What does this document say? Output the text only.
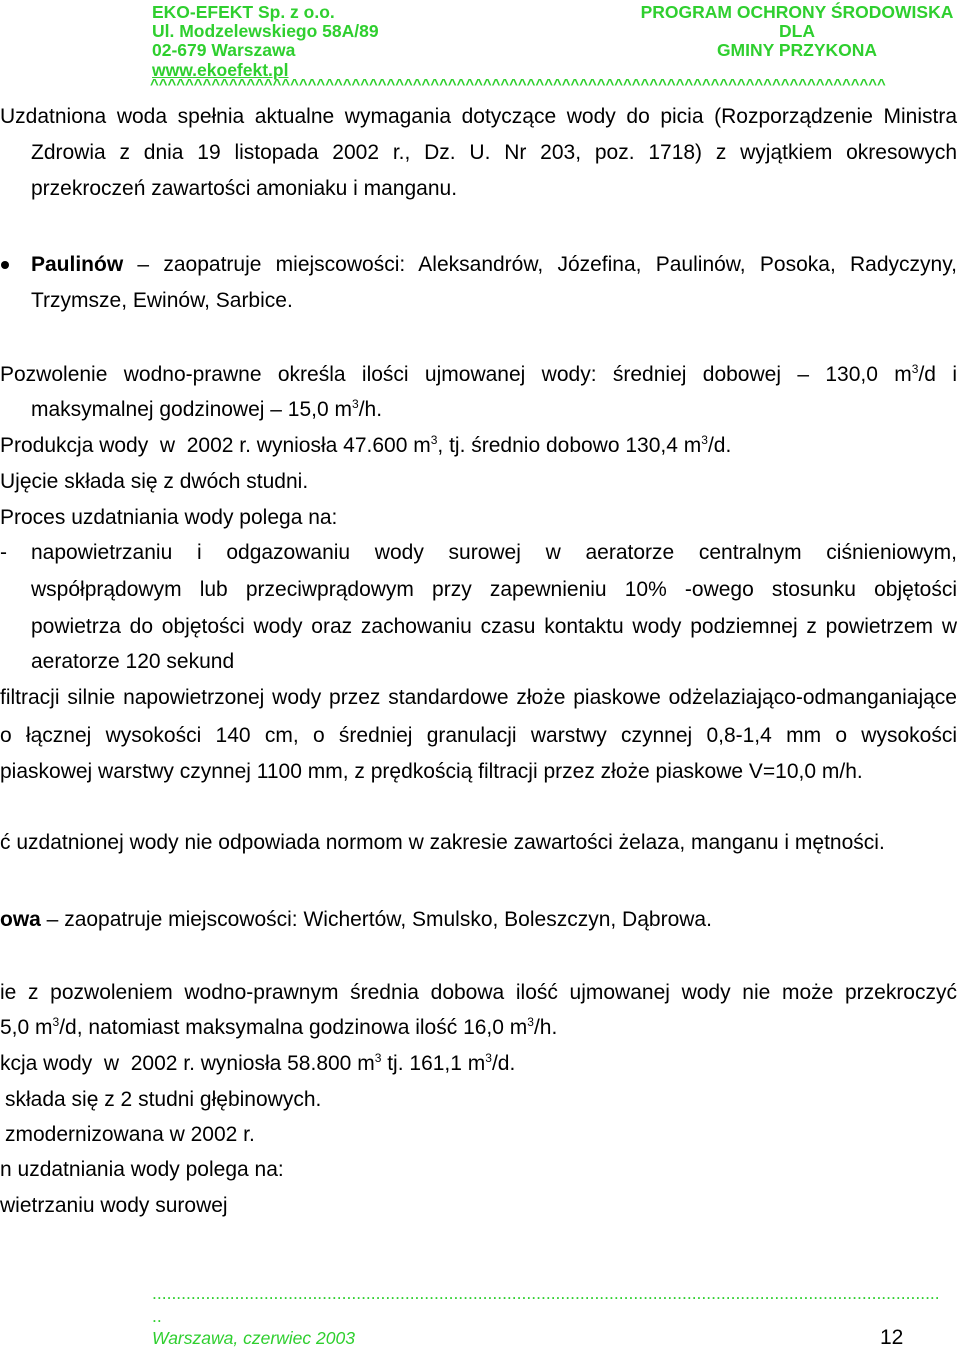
EKO-EFEKT Sp. z o.o.
Ul. Modzelewskiego 58A/89
02-679 Warszawa
www.ekoefekt.pl
PROGRAM OCHRONY ŚRODOWISKA
DLA
GMINY PRZYKONA
^^^^^^^^^^^^^^^^^^^^^^^^^^^^^^^^^^^^^^^^^^^^^^^^^^^^^^^^^^^^^^^^^^^^^^^^^^^^^^^^^^^^
Uzdatniona woda spełnia aktualne wymagania dotyczące wody do picia (Rozporządzenie Ministra
Zdrowia z dnia 19 listopada 2002 r., Dz. U. Nr 203, poz. 1718) z wyjątkiem okresowych
przekroczeń zawartości amoniaku i manganu.
Paulinów – zaopatruje miejscowości: Aleksandrów, Józefina, Paulinów, Posoka, Radyczyny,
Trzymsze, Ewinów, Sarbice.
Pozwolenie wodno-prawne określa ilości ujmowanej wody: średniej dobowej – 130,0 $m^3/d$ i
maksymalnej godzinowej – 15,0 $m^3/h$.
Produkcja wody  w  2002 r. wyniosła 47.600 $m^3$, tj. średnio dobowo 130,4 $m^3/d$.
Ujęcie składa się z dwóch studni.
Proces uzdatniania wody polega na:
- napowietrzaniu i odgazowaniu wody surowej w aeratorze centralnym ciśnieniowym,
współprądowym lub przeciwprądowym przy zapewnieniu 10% -owego stosunku objętości
powietrza do objętości wody oraz zachowaniu czasu kontaktu wody podziemnej z powietrzem w
aeratorze 120 sekund
filtracji silnie napowietrzonej wody przez standardowe złoże piaskowe odżelaziająco-odmanganiające
o łącznej wysokości 140 cm, o średniej granulacji warstwy czynnej 0,8-1,4 mm o wysokości
piaskowej warstwy czynnej 1100 mm, z prędkością filtracji przez złoże piaskowe V=10,0 m/h.
ć uzdatnionej wody nie odpowiada normom w zakresie zawartości żelaza, manganu i mętności.
owa – zaopatruje miejscowości: Wichertów, Smulsko, Boleszczyn, Dąbrowa.
ie z pozwoleniem wodno-prawnym średnia dobowa ilość ujmowanej wody nie może przekroczyć
5,0 $m^3/d$, natomiast maksymalna godzinowa ilość 16,0 $m^3/h$.
kcja wody  w  2002 r. wyniosła 58.800 $m^3$ tj. 161,1 $m^3/d$.
składa się z 2 studni głębinowych.
zmodernizowana w 2002 r.
n uzdatniania wody polega na:
wietrzaniu wody surowej
..................................................................................................................................................................
..
Warszawa, czerwiec 2003	12
